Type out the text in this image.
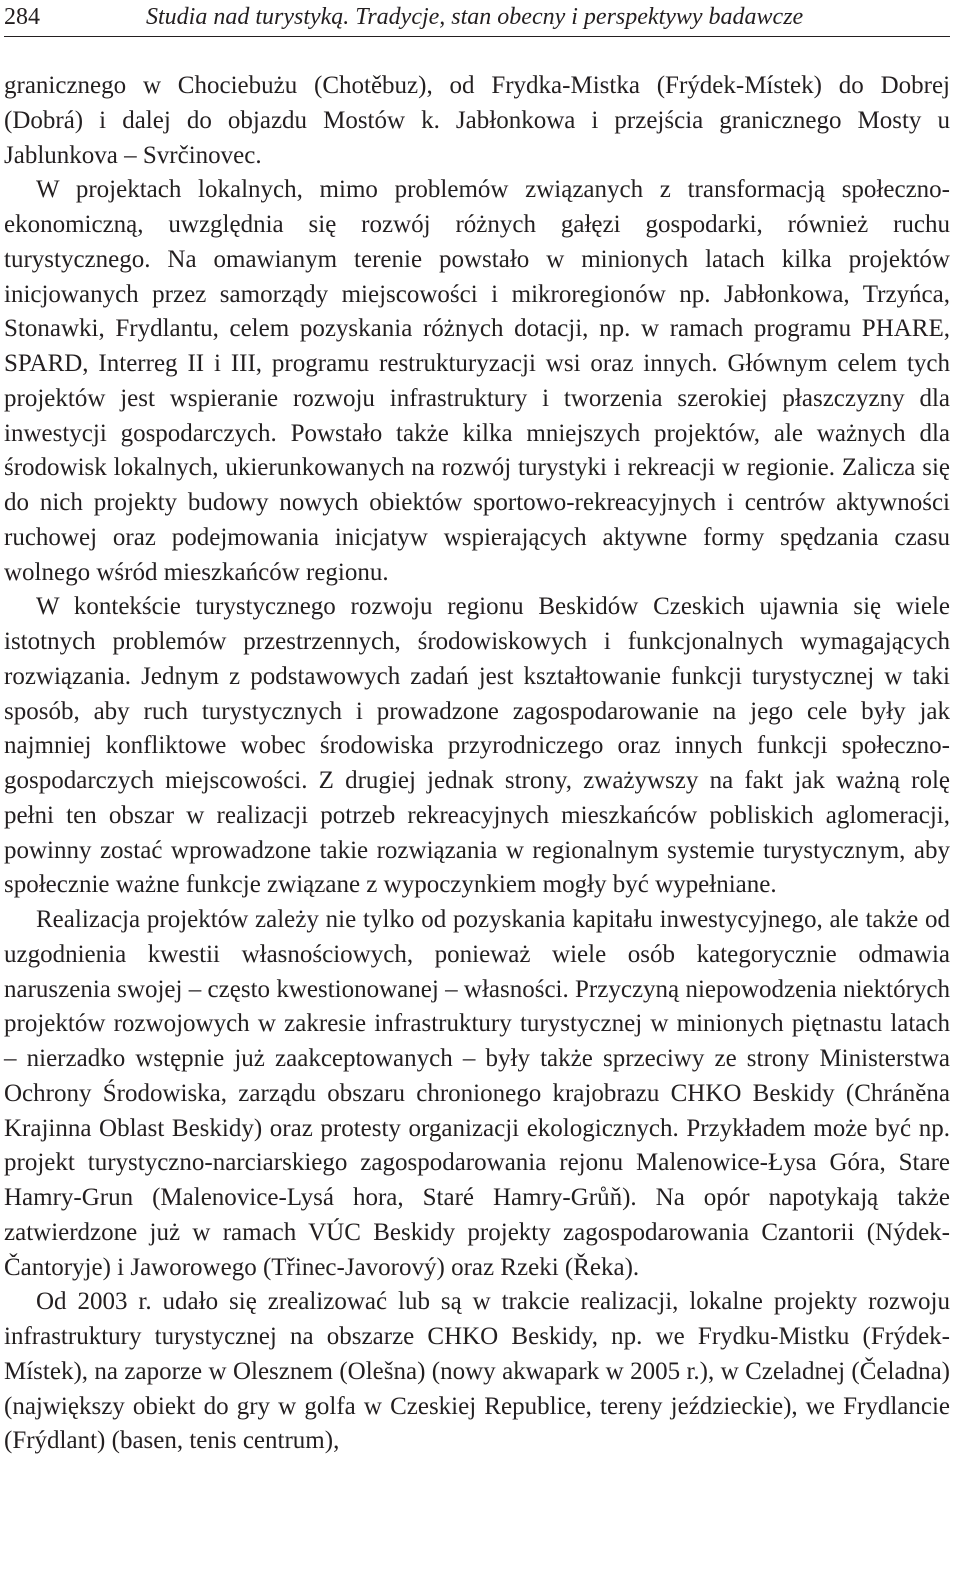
284	Studia nad turystyką. Tradycje, stan obecny i perspektywy badawcze

granicznego w Chociebużu (Chotěbuz), od Frydka-Mistka (Frýdek-Místek) do Dobrej (Dobrá) i dalej do objazdu Mostów k. Jabłonkowa i przejścia granicznego Mosty u Jablunkova – Svrčinovec.

W projektach lokalnych, mimo problemów związanych z transformacją społeczno-ekonomiczną, uwzględnia się rozwój różnych gałęzi gospodarki, również ruchu turystycznego. Na omawianym terenie powstało w minionych latach kilka projektów inicjowanych przez samorządy miejscowości i mikroregionów np. Jabłonkowa, Trzyńca, Stonawki, Frydlantu, celem pozyskania różnych dotacji, np. w ramach programu PHARE, SPARD, Interreg II i III, programu restrukturyzacji wsi oraz innych. Głównym celem tych projektów jest wspieranie rozwoju infrastruktury i tworzenia szerokiej płaszczyzny dla inwestycji gospodarczych. Powstało także kilka mniejszych projektów, ale ważnych dla środowisk lokalnych, ukierunkowanych na rozwój turystyki i rekreacji w regionie. Zalicza się do nich projekty budowy nowych obiektów sportowo-rekreacyjnych i centrów aktywności ruchowej oraz podejmowania inicjatyw wspierających aktywne formy spędzania czasu wolnego wśród mieszkańców regionu.

W kontekście turystycznego rozwoju regionu Beskidów Czeskich ujawnia się wiele istotnych problemów przestrzennych, środowiskowych i funkcjonalnych wymagających rozwiązania. Jednym z podstawowych zadań jest kształtowanie funkcji turystycznej w taki sposób, aby ruch turystycznych i prowadzone zagospodarowanie na jego cele były jak najmniej konfliktowe wobec środowiska przyrodniczego oraz innych funkcji społeczno-gospodarczych miejscowości. Z drugiej jednak strony, zważywszy na fakt jak ważną rolę pełni ten obszar w realizacji potrzeb rekreacyjnych mieszkańców pobliskich aglomeracji, powinny zostać wprowadzone takie rozwiązania w regionalnym systemie turystycznym, aby społecznie ważne funkcje związane z wypoczynkiem mogły być wypełniane.

Realizacja projektów zależy nie tylko od pozyskania kapitału inwestycyjnego, ale także od uzgodnienia kwestii własnościowych, ponieważ wiele osób kategorycznie odmawia naruszenia swojej – często kwestionowanej – własności. Przyczyną niepowodzenia niektórych projektów rozwojowych w zakresie infrastruktury turystycznej w minionych piętnastu latach – nierzadko wstępnie już zaakceptowanych – były także sprzeciwy ze strony Ministerstwa Ochrony Środowiska, zarządu obszaru chronionego krajobrazu CHKO Beskidy (Chráněna Krajinna Oblast Beskidy) oraz protesty organizacji ekologicznych. Przykładem może być np. projekt turystyczno-narciarskiego zagospodarowania rejonu Malenowice-Łysa Góra, Stare Hamry-Grun (Malenovice-Lysá hora, Staré Hamry-Grůň). Na opór napotykają także zatwierdzone już w ramach VÚC Beskidy projekty zagospodarowania Czantorii (Nýdek-Čantoryje) i Jaworowego (Třinec-Javorový) oraz Rzeki (Řeka).

Od 2003 r. udało się zrealizować lub są w trakcie realizacji, lokalne projekty rozwoju infrastruktury turystycznej na obszarze CHKO Beskidy, np. we Frydku-Mistku (Frýdek-Místek), na zaporze w Olesznem (Olešna) (nowy akwapark w 2005 r.), w Czeladnej (Čeladna) (największy obiekt do gry w golfa w Czeskiej Republice, tereny jeździeckie), we Frydlancie (Frýdlant) (basen, tenis centrum),
